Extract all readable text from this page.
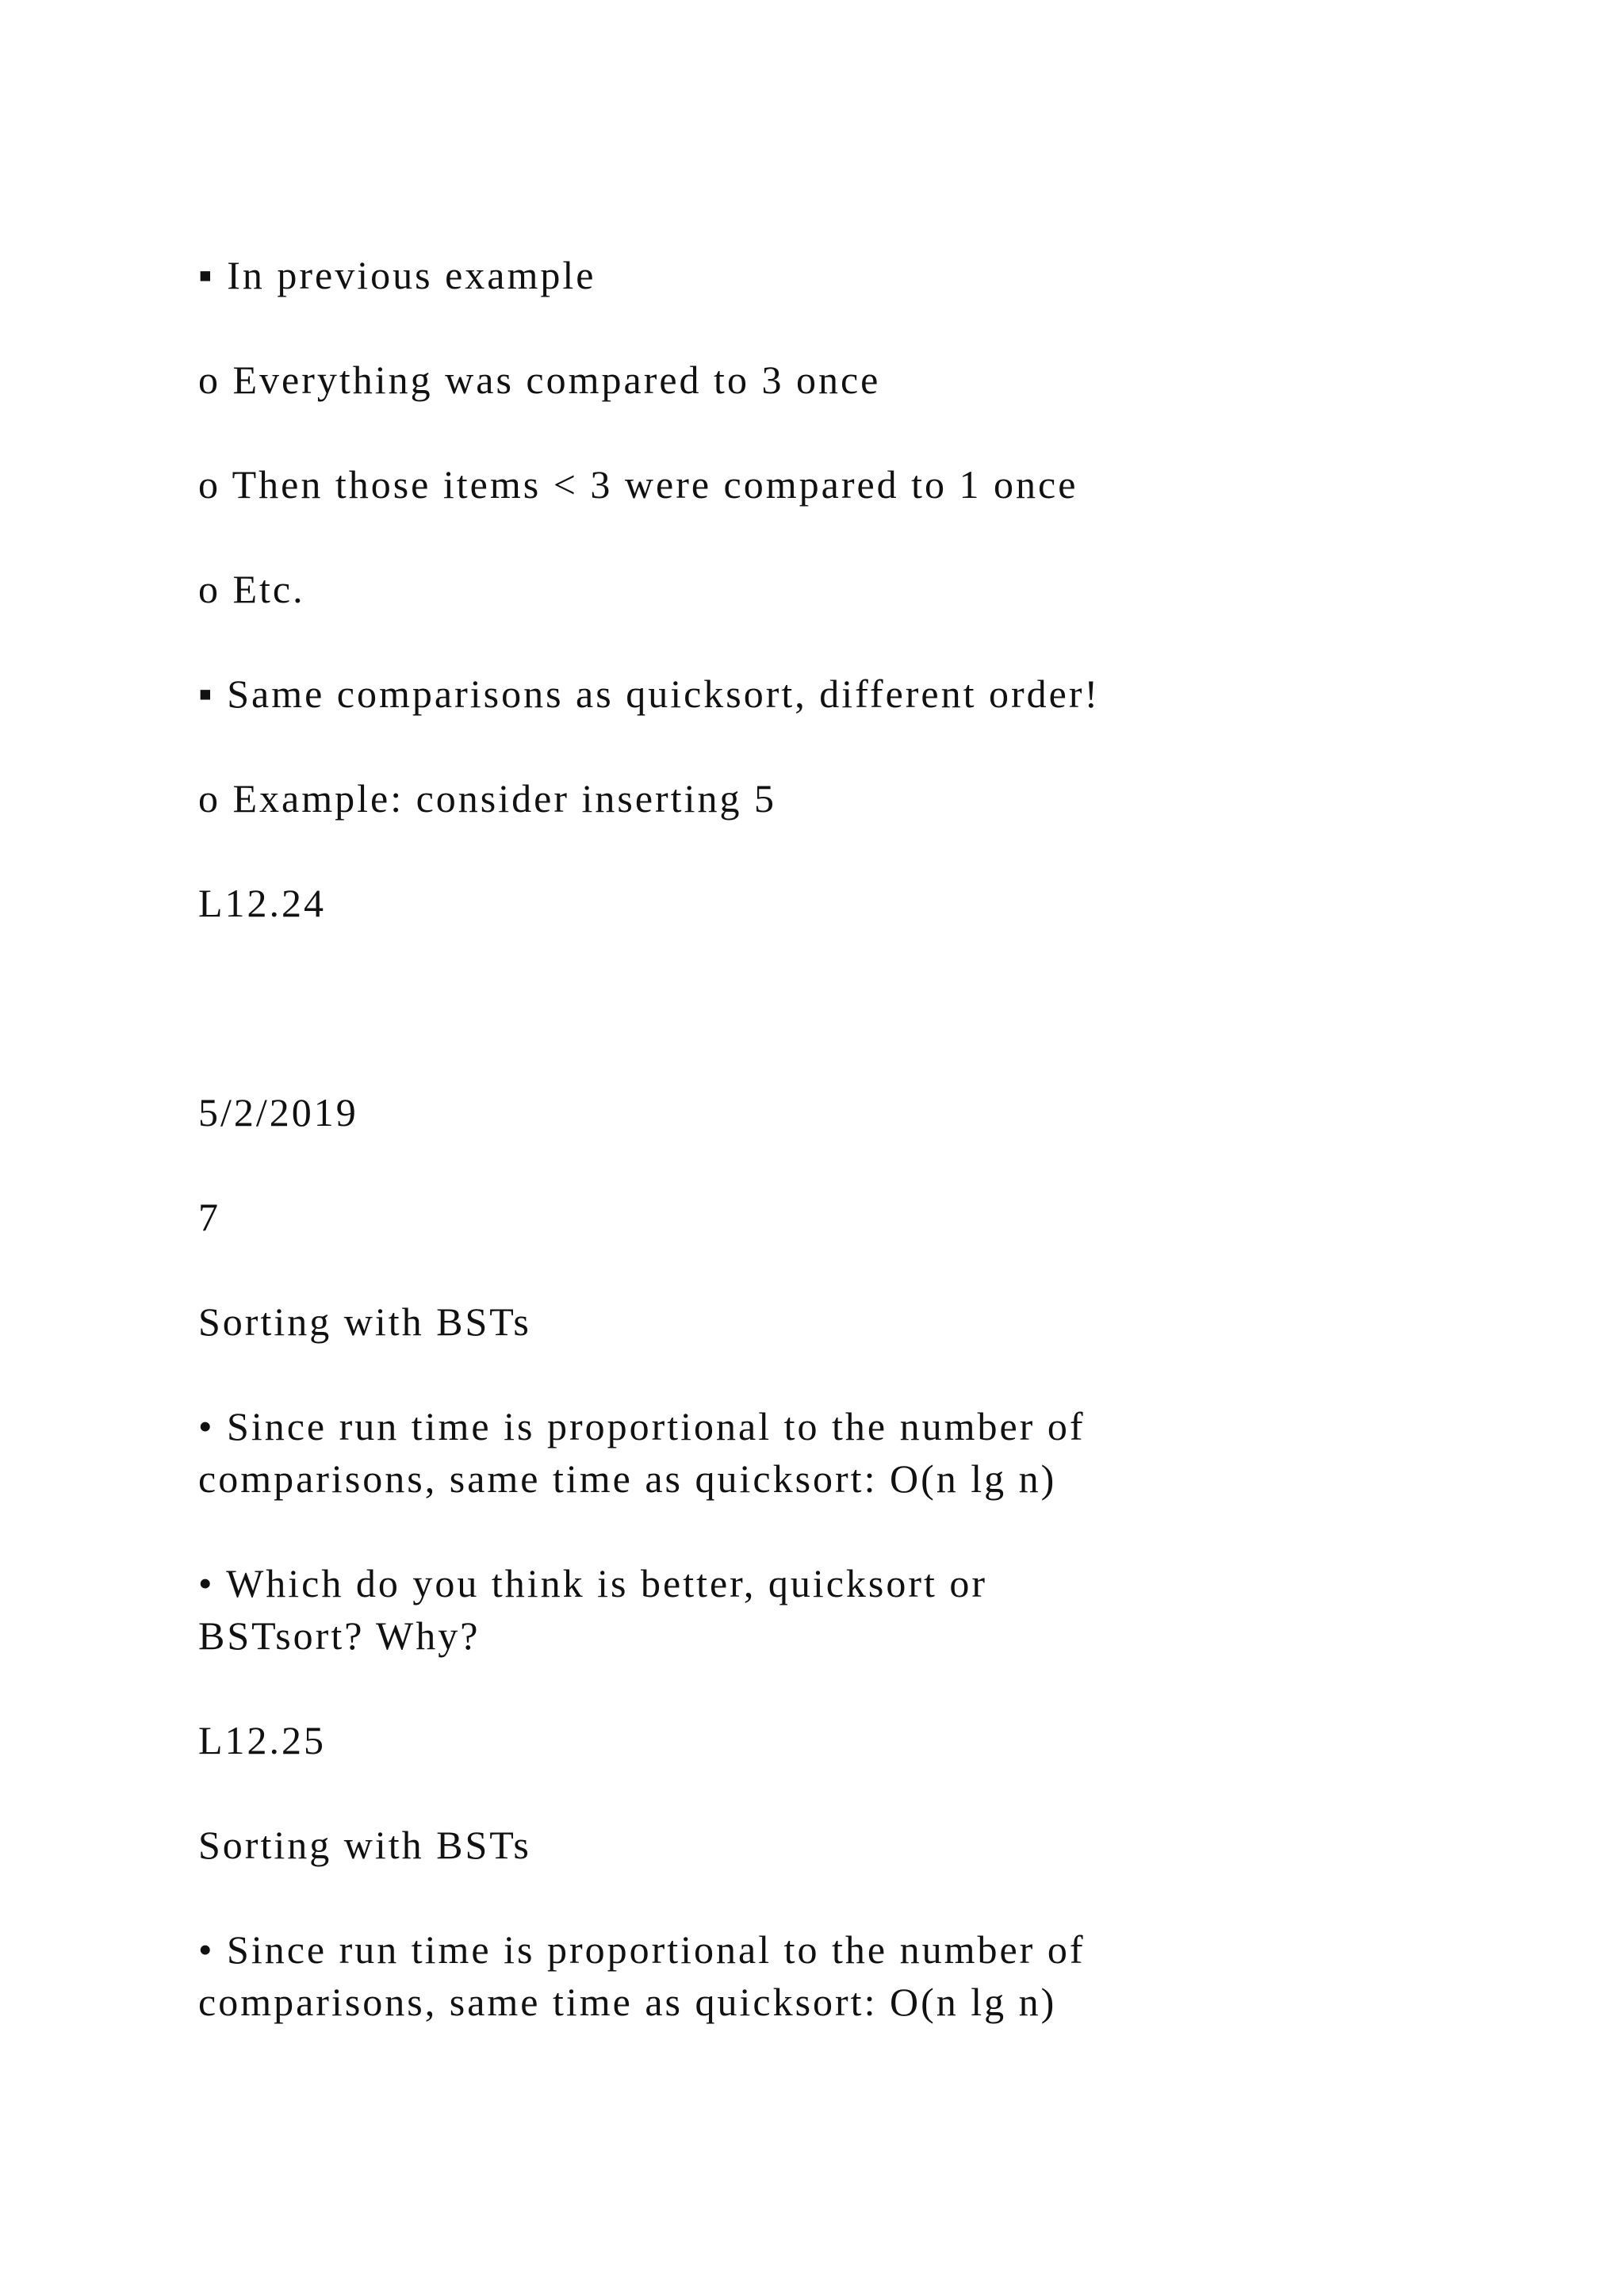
▪ In previous example
o Everything was compared to 3 once
o Then those items < 3 were compared to 1 once
o Etc.
▪ Same comparisons as quicksort, different order!
o Example: consider inserting 5
L12.24
5/2/2019
7
Sorting with BSTs
• Since run time is proportional to the number of
comparisons, same time as quicksort: O(n lg n)
• Which do you think is better, quicksort or
BSTsort? Why?
L12.25
Sorting with BSTs
• Since run time is proportional to the number of
comparisons, same time as quicksort: O(n lg n)
